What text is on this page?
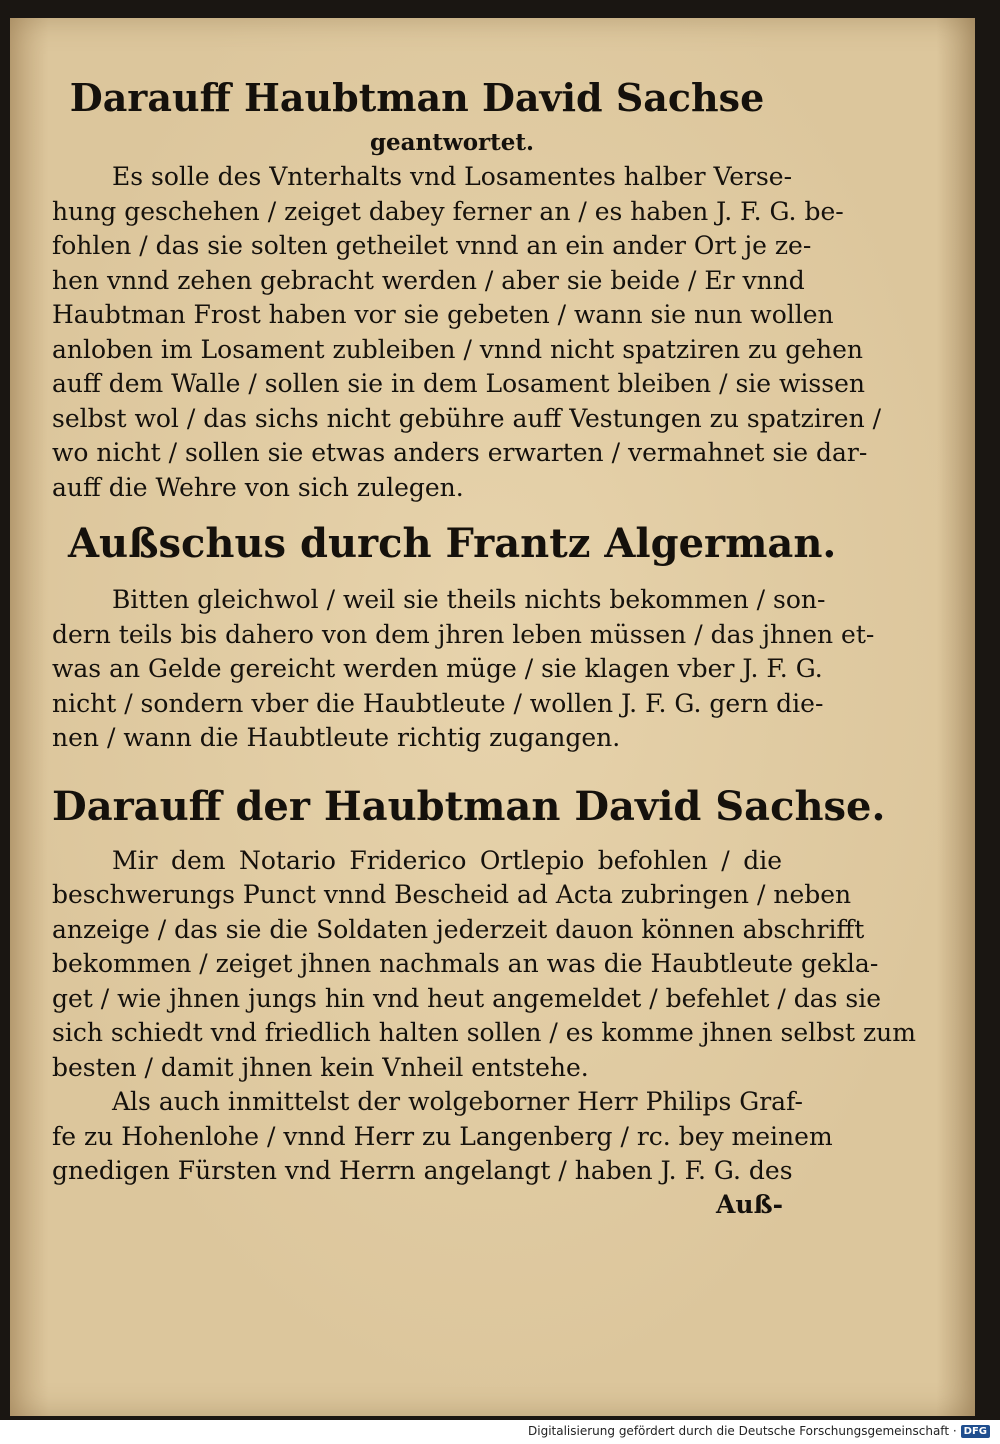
Darauff Haubtman David Sachse
geantwortet.
Es solle des Vnterhalts vnd Losamentes halber Verse-
hung geschehen / zeiget dabey ferner an / es haben J. F. G. be-
fohlen / das sie solten getheilet vnnd an ein ander Ort je ze-
hen vnnd zehen gebracht werden / aber sie beide / Er vnnd
Haubtman Frost haben vor sie gebeten / wann sie nun wollen
anloben im Losament zubleiben / vnnd nicht spatziren zu gehen
auff dem Walle / sollen sie in dem Losament bleiben / sie wissen
selbst wol / das sichs nicht gebühre auff Vestungen zu spatziren /
wo nicht / sollen sie etwas anders erwarten / vermahnet sie dar-
auff die Wehre von sich zulegen.
Außschus durch Frantz Algerman.
Bitten gleichwol / weil sie theils nichts bekommen / son-
dern teils bis dahero von dem jhren leben müssen / das jhnen et-
was an Gelde gereicht werden müge / sie klagen vber J. F. G.
nicht / sondern vber die Haubtleute / wollen J. F. G. gern die-
nen / wann die Haubtleute richtig zugangen.
Darauff der Haubtman David Sachse.
Mir dem Notario Friderico Ortlepio befohlen / die
beschwerungs Punct vnnd Bescheid ad Acta zubringen / neben
anzeige / das sie die Soldaten jederzeit dauon können abschrifft
bekommen / zeiget jhnen nachmals an was die Haubtleute gekla-
get / wie jhnen jungs hin vnd heut angemeldet / befehlet / das sie
sich schiedt vnd friedlich halten sollen / es komme jhnen selbst zum
besten / damit jhnen kein Vnheil entstehe.
Als auch inmittelst der wolgeborner Herr Philips Graf-
fe zu Hohenlohe / vnnd Herr zu Langenberg / rc. bey meinem
gnedigen Fürsten vnd Herrn angelangt / haben J. F. G. des
Auß-
Digitalisierung gefördert durch die Deutsche Forschungsgemeinschaft · DFG
